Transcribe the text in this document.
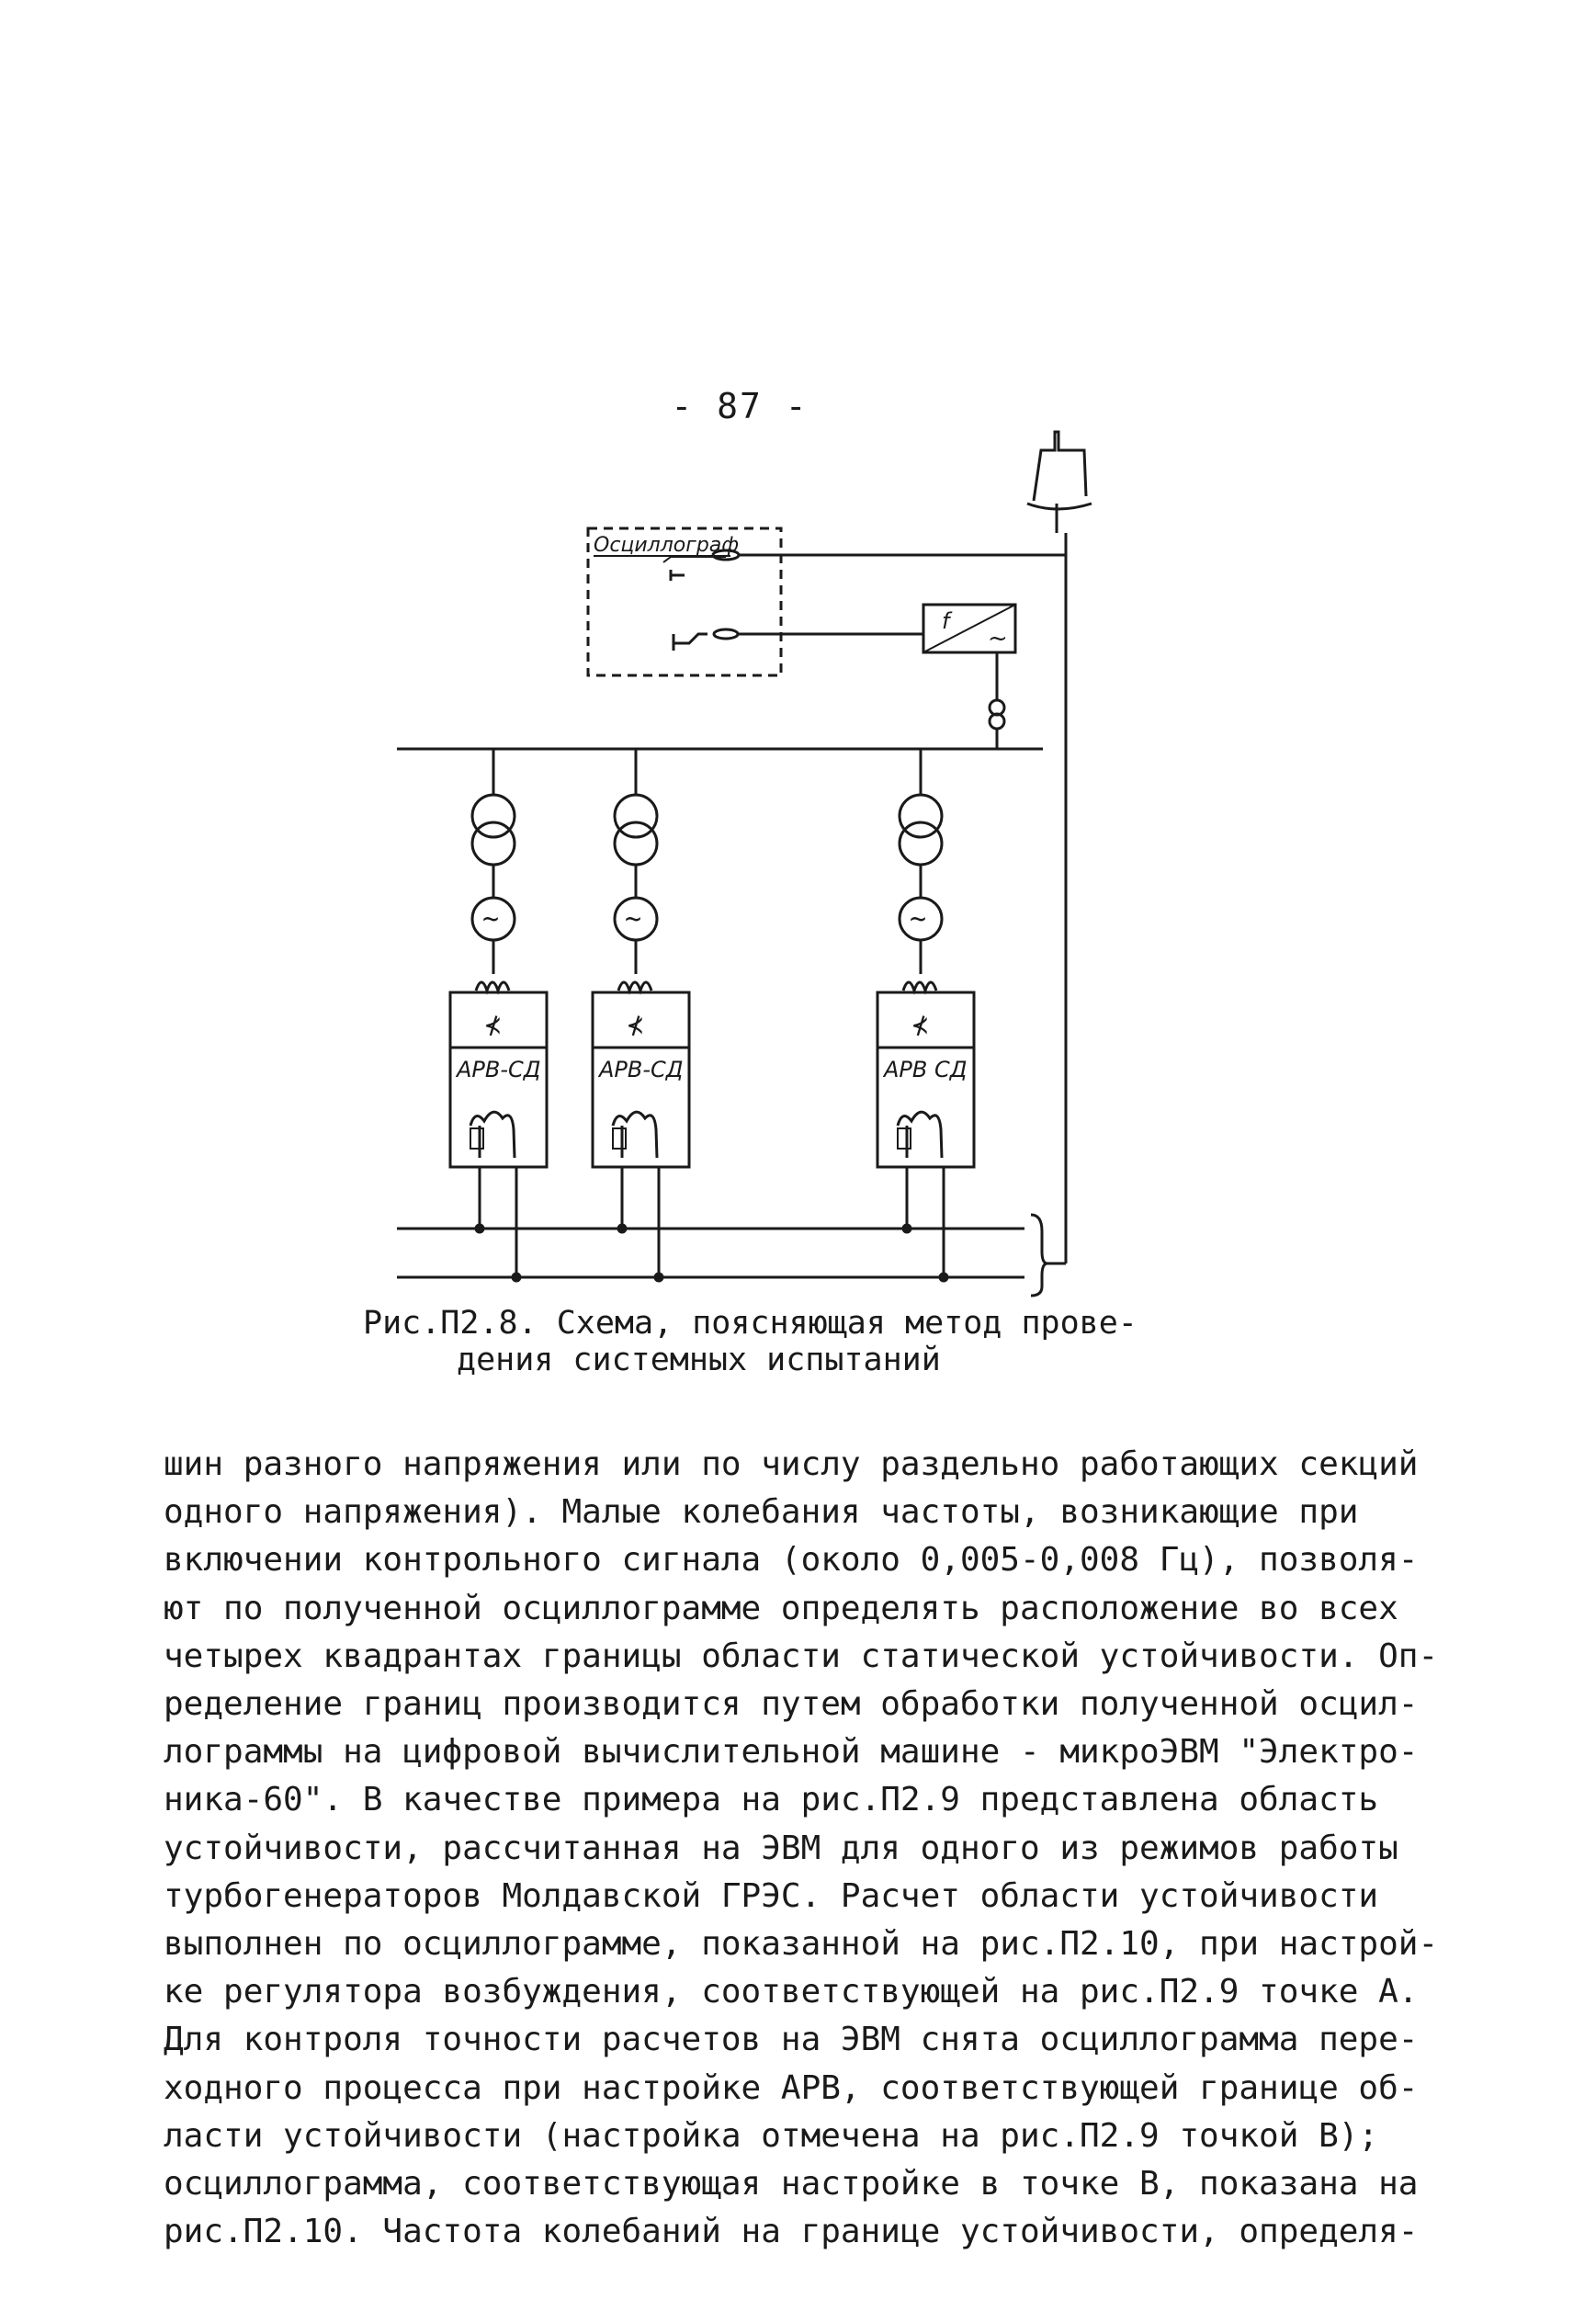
- 87 -
Осциллограф
f
~
~
⊀
АРВ-СД
~
⊀
АРВ-СД
~
⊀
АРВ СД
Рис.П2.8. Схема, поясняющая метод прове-
дения системных испытаний
шин разного напряжения или по числу раздельно работающих секций
одного напряжения). Малые колебания частоты, возникающие при
включении контрольного сигнала (около 0,005-0,008 Гц), позволя-
ют по полученной осциллограмме определять расположение во всех
четырех квадрантах границы области статической устойчивости. Оп-
ределение границ производится путем обработки полученной осцил-
лограммы на цифровой вычислительной машине - микроЭВМ "Электро-
ника-60". В качестве примера на рис.П2.9 представлена область
устойчивости, рассчитанная на ЭВМ для одного из режимов работы
турбогенераторов Молдавской ГРЭС. Расчет области устойчивости
выполнен по осциллограмме, показанной на рис.П2.10, при настрой-
ке регулятора возбуждения, соответствующей на рис.П2.9 точке А.
Для контроля точности расчетов на ЭВМ снята осциллограмма пере-
ходного процесса при настройке АРВ, соответствующей границе об-
ласти устойчивости (настройка отмечена на рис.П2.9 точкой В);
осциллограмма, соответствующая настройке в точке В, показана на
рис.П2.10. Частота колебаний на границе устойчивости, определя-
